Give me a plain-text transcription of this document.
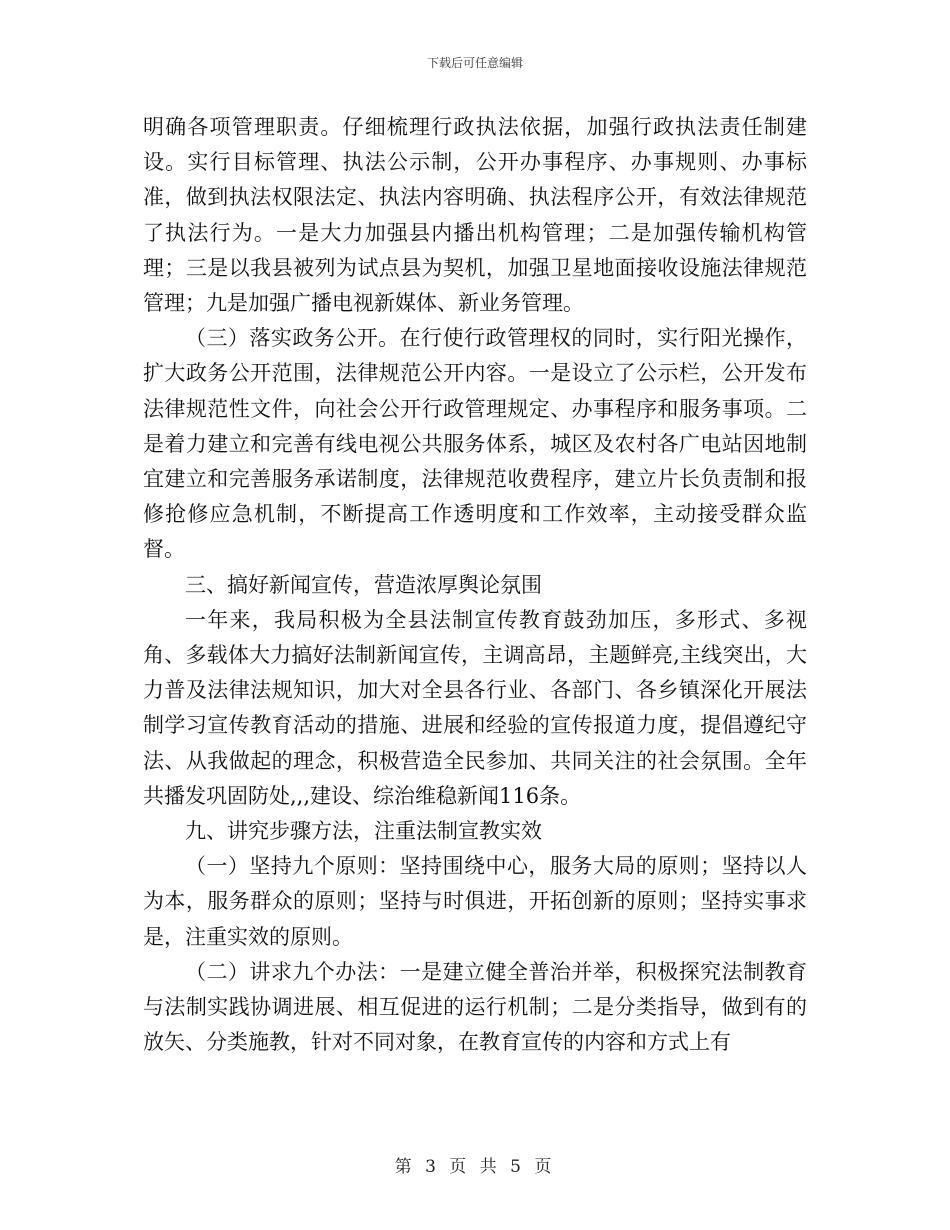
下载后可任意编辑

明确各项管理职责。仔细梳理行政执法依据，加强行政执法责任制建设。实行目标管理、执法公示制，公开办事程序、办事规则、办事标准，做到执法权限法定、执法内容明确、执法程序公开，有效法律规范了执法行为。一是大力加强县内播出机构管理；二是加强传输机构管理；三是以我县被列为试点县为契机，加强卫星地面接收设施法律规范管理；九是加强广播电视新媒体、新业务管理。

（三）落实政务公开。在行使行政管理权的同时，实行阳光操作，扩大政务公开范围，法律规范公开内容。一是设立了公示栏，公开发布法律规范性文件，向社会公开行政管理规定、办事程序和服务事项。二是着力建立和完善有线电视公共服务体系，城区及农村各广电站因地制宜建立和完善服务承诺制度，法律规范收费程序，建立片长负责制和报修抢修应急机制，不断提高工作透明度和工作效率，主动接受群众监督。

三、搞好新闻宣传，营造浓厚舆论氛围

一年来，我局积极为全县法制宣传教育鼓劲加压，多形式、多视角、多载体大力搞好法制新闻宣传，主调高昂，主题鲜亮,主线突出，大力普及法律法规知识，加大对全县各行业、各部门、各乡镇深化开展法制学习宣传教育活动的措施、进展和经验的宣传报道力度，提倡遵纪守法、从我做起的理念，积极营造全民参加、共同关注的社会氛围。全年共播发巩固防处,,,建设、综治维稳新闻116条。

九、讲究步骤方法，注重法制宣教实效

（一）坚持九个原则：坚持围绕中心，服务大局的原则；坚持以人为本，服务群众的原则；坚持与时俱进，开拓创新的原则；坚持实事求是，注重实效的原则。

（二）讲求九个办法：一是建立健全普治并举，积极探究法制教育与法制实践协调进展、相互促进的运行机制；二是分类指导，做到有的放矢、分类施教，针对不同对象，在教育宣传的内容和方式上有

第 3 页 共 5 页
